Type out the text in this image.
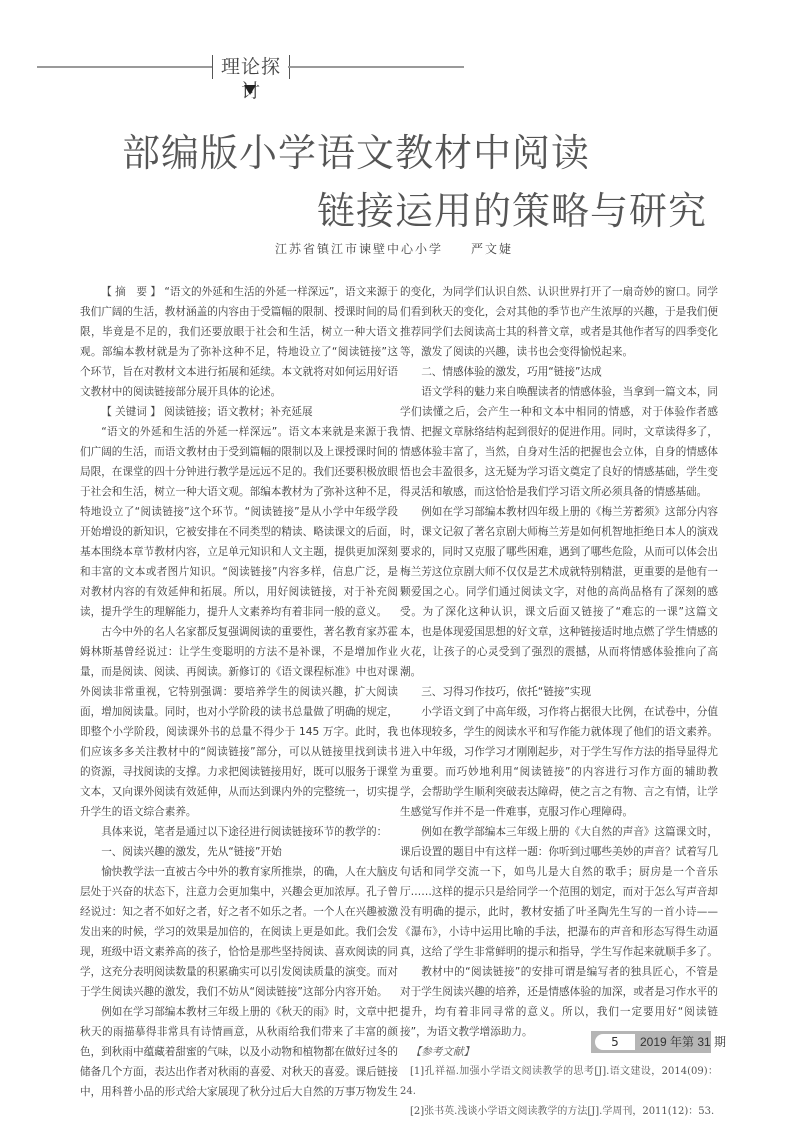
理论探讨
部编版小学语文教材中阅读
链接运用的策略与研究
江苏省镇江市谏壁中心小学 严文婕

【 摘　要 】 “语文的外延和生活的外延一样深远”，语文来源于我们广阔的生活，教材涵盖的内容由于受篇幅的限制、授课时间的局限，毕竟是不足的，我们还要放眼于社会和生活，树立一种大语文观。部编本教材就是为了弥补这种不足，特地设立了“阅读链接”这个环节，旨在对教材文本进行拓展和延续。本文就将对如何运用好语文教材中的阅读链接部分展开具体的论述。

【 关键词 】 阅读链接；语文教材；补充延展

“语文的外延和生活的外延一样深远”。语文本来就是来源于我们广阔的生活，而语文教材由于受到篇幅的限制以及上课授课时间的局限，在课堂的四十分钟进行教学是远远不足的。我们还要积极放眼于社会和生活，树立一种大语文观。部编本教材为了弥补这种不足，特地设立了“阅读链接”这个环节。“阅读链接”是从小学中年级学段开始增设的新知识，它被安排在不同类型的精读、略读课文的后面，基本围绕本章节教材内容，立足单元知识和人文主题，提供更加深刻和丰富的文本或者图片知识。“阅读链接”内容多样，信息广泛，是对教材内容的有效延伸和拓展。所以，用好阅读链接，对于补充阅读，提升学生的理解能力，提升人文素养均有着非同一般的意义。

古今中外的名人名家都反复强调阅读的重要性，著名教育家苏霍姆林斯基曾经说过：让学生变聪明的方法不是补课，不是增加作业量，而是阅读、阅读、再阅读。新修订的《语文课程标准》中也对课外阅读非常重视，它特别强调：要培养学生的阅读兴趣，扩大阅读面，增加阅读量。同时，也对小学阶段的读书总量做了明确的规定，即整个小学阶段，阅读课外书的总量不得少于 145 万字。此时，我们应该多多关注教材中的“阅读链接”部分，可以从链接里找到读书的资源，寻找阅读的支撑。力求把阅读链接用好，既可以服务于课堂文本，又向课外阅读有效延伸，从而达到课内外的完整统一，切实提升学生的语文综合素养。

具体来说，笔者是通过以下途径进行阅读链接环节的教学的：

一、阅读兴趣的激发，先从“链接”开始

愉快教学法一直被古今中外的教育家所推崇，的确，人在大脑皮层处于兴奋的状态下，注意力会更加集中，兴趣会更加浓厚。孔子曾经说过：知之者不如好之者，好之者不如乐之者。一个人在兴趣被激发出来的时候，学习的效果是加倍的，在阅读上更是如此。我们会发现，班级中语文素养高的孩子，恰恰是那些坚持阅读、喜欢阅读的同学，这充分表明阅读数量的积累确实可以引发阅读质量的演变。而对于学生阅读兴趣的激发，我们不妨从“阅读链接”这部分内容开始。

例如在学习部编本教材三年级上册的《秋天的雨》时，文章中把秋天的雨描摹得非常具有诗情画意，从秋雨给我们带来了丰富的颜色，到秋雨中蕴藏着甜蜜的气味，以及小动物和植物都在做好过冬的储备几个方面，表达出作者对秋雨的喜爱、对秋天的喜爱。课后链接中，用科普小品的形式给大家展现了秋分过后大自然的万事万物发生

的变化，为同学们认识自然、认识世界打开了一扇奇妙的窗口。同学们看到秋天的变化，会对其他的季节也产生浓厚的兴趣，于是我们便推荐同学们去阅读高士其的科普文章，或者是其他作者写的四季变化等，激发了阅读的兴趣，读书也会变得愉悦起来。

二、情感体验的激发，巧用“链接”达成

语文学科的魅力来自唤醒读者的情感体验，当拿到一篇文本，同学们读懂之后，会产生一种和文本中相同的情感，对于体验作者感情、把握文章脉络结构起到很好的促进作用。同时，文章读得多了，情感体验丰富了，当然，自身对生活的把握也会立体，自身的情感体悟也会丰盈很多，这无疑为学习语文奠定了良好的情感基础，学生变得灵活和敏感，而这恰恰是我们学习语文所必须具备的情感基础。

例如在学习部编本教材四年级上册的《梅兰芳蓄须》这部分内容时，课文记叙了著名京剧大师梅兰芳是如何机智地拒绝日本人的演戏要求的，同时又克服了哪些困难，遇到了哪些危险，从而可以体会出梅兰芳这位京剧大师不仅仅是艺术成就特别精湛，更重要的是他有一颗爱国之心。同学们通过阅读文字，对他的高尚品格有了深刻的感受。为了深化这种认识，课文后面又链接了“难忘的一课”这篇文本，也是体现爱国思想的好文章，这种链接适时地点燃了学生情感的火花，让孩子的心灵受到了强烈的震撼，从而将情感体验推向了高潮。

三、习得习作技巧，依托“链接”实现

小学语文到了中高年级，习作将占据很大比例，在试卷中，分值也体现较多，学生的阅读水平和写作能力就体现了他们的语文素养。进入中年级，习作学习才刚刚起步，对于学生写作方法的指导显得尤为重要。而巧妙地利用“阅读链接”的内容进行习作方面的辅助教学，会帮助学生顺利突破表达障碍，使之言之有物、言之有情，让学生感觉写作并不是一件难事，克服习作心理障碍。

例如在教学部编本三年级上册的《大自然的声音》这篇课文时，课后设置的题目中有这样一题：你听到过哪些美妙的声音？试着写几句话和同学交流一下，如鸟儿是大自然的歌手；厨房是一个音乐厅……这样的提示只是给同学一个范围的划定，而对于怎么写声音却没有明确的提示，此时，教材安插了叶圣陶先生写的一首小诗——《瀑布》，小诗中运用比喻的手法，把瀑布的声音和形态写得生动逼真，这给了学生非常鲜明的提示和指导，学生写作起来就顺手多了。

教材中的“阅读链接”的安排可谓是编写者的独具匠心，不管是对于学生阅读兴趣的培养，还是情感体验的加深，或者是习作水平的提升，均有着非同寻常的意义。所以，我们一定要用好“阅读链接”，为语文教学增添助力。

【参考文献】

[1]孔祥福.加强小学语文阅读教学的思考[J].语文建设，2014(09)：24.

[2]张书英.浅谈小学语文阅读教学的方法[J].学周刊，2011(12)：53.

5	2019 年第 31 期
